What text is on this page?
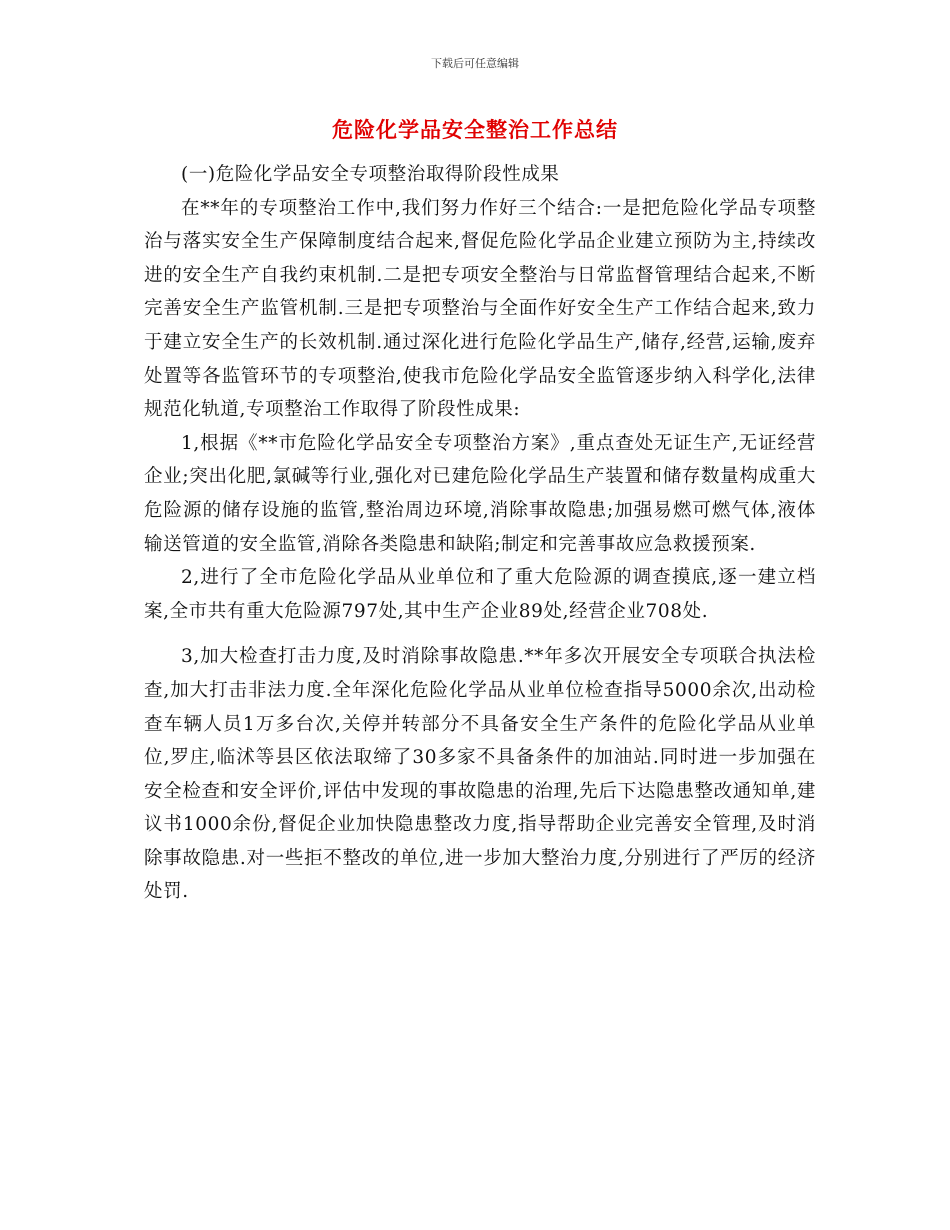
下载后可任意编辑
危险化学品安全整治工作总结

(一)危险化学品安全专项整治取得阶段性成果

在**年的专项整治工作中,我们努力作好三个结合:一是把危险化学品专项整治与落实安全生产保障制度结合起来,督促危险化学品企业建立预防为主,持续改进的安全生产自我约束机制.二是把专项安全整治与日常监督管理结合起来,不断完善安全生产监管机制.三是把专项整治与全面作好安全生产工作结合起来,致力于建立安全生产的长效机制.通过深化进行危险化学品生产,储存,经营,运输,废弃处置等各监管环节的专项整治,使我市危险化学品安全监管逐步纳入科学化,法律规范化轨道,专项整治工作取得了阶段性成果:

1,根据《**市危险化学品安全专项整治方案》,重点查处无证生产,无证经营企业;突出化肥,氯碱等行业,强化对已建危险化学品生产装置和储存数量构成重大危险源的储存设施的监管,整治周边环境,消除事故隐患;加强易燃可燃气体,液体输送管道的安全监管,消除各类隐患和缺陷;制定和完善事故应急救援预案.

2,进行了全市危险化学品从业单位和了重大危险源的调查摸底,逐一建立档案,全市共有重大危险源797处,其中生产企业89处,经营企业708处.

3,加大检查打击力度,及时消除事故隐患.**年多次开展安全专项联合执法检查,加大打击非法力度.全年深化危险化学品从业单位检查指导5000余次,出动检查车辆人员1万多台次,关停并转部分不具备安全生产条件的危险化学品从业单位,罗庄,临沭等县区依法取缔了30多家不具备条件的加油站.同时进一步加强在安全检查和安全评价,评估中发现的事故隐患的治理,先后下达隐患整改通知单,建议书1000余份,督促企业加快隐患整改力度,指导帮助企业完善安全管理,及时消除事故隐患.对一些拒不整改的单位,进一步加大整治力度,分别进行了严厉的经济处罚.
